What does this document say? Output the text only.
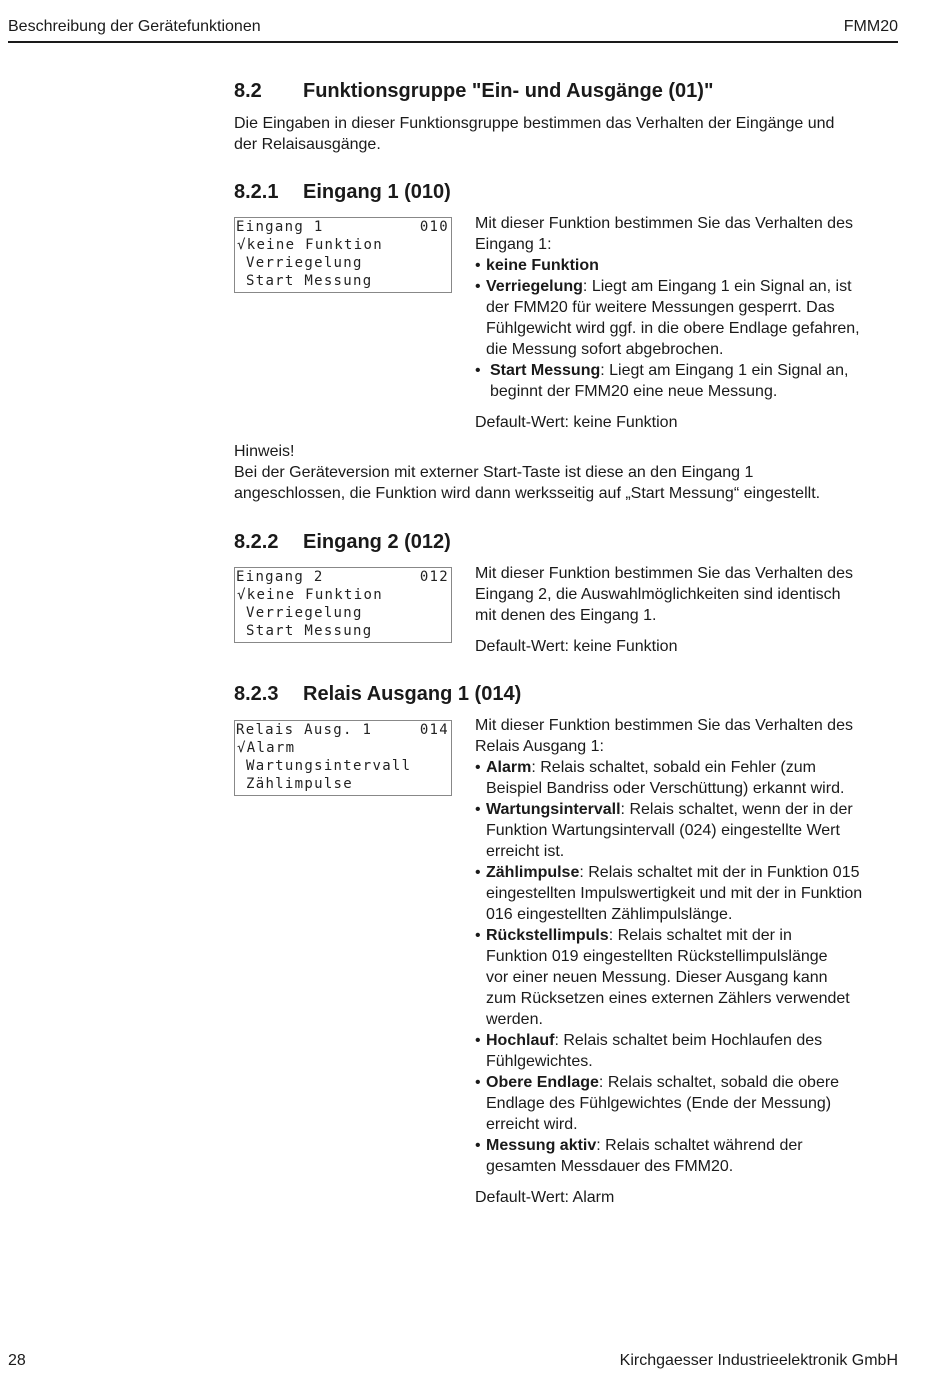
Beschreibung der Gerätefunktionen	FMM20
8.2 Funktionsgruppe "Ein- und Ausgänge (01)"
Die Eingaben in dieser Funktionsgruppe bestimmen das Verhalten der Eingänge und
der Relaisausgänge.
8.2.1 Eingang 1 (010)
Eingang 1	010
√keine Funktion
Verriegelung
Start Messung
Mit dieser Funktion bestimmen Sie das Verhalten des
Eingang 1:
• keine Funktion
• Verriegelung: Liegt am Eingang 1 ein Signal an, ist
der FMM20 für weitere Messungen gesperrt. Das
Fühlgewicht wird ggf. in die obere Endlage gefahren,
die Messung sofort abgebrochen.
• Start Messung: Liegt am Eingang 1 ein Signal an,
beginnt der FMM20 eine neue Messung.
Default-Wert: keine Funktion
Hinweis!
Bei der Geräteversion mit externer Start-Taste ist diese an den Eingang 1
angeschlossen, die Funktion wird dann werksseitig auf „Start Messung“ eingestellt.
8.2.2 Eingang 2 (012)
Eingang 2	012
√keine Funktion
Verriegelung
Start Messung
Mit dieser Funktion bestimmen Sie das Verhalten des
Eingang 2, die Auswahlmöglichkeiten sind identisch
mit denen des Eingang 1.
Default-Wert: keine Funktion
8.2.3 Relais Ausgang 1 (014)
Relais Ausg. 1	014
√Alarm
Wartungsintervall
Zählimpulse
Mit dieser Funktion bestimmen Sie das Verhalten des
Relais Ausgang 1:
• Alarm: Relais schaltet, sobald ein Fehler (zum
Beispiel Bandriss oder Verschüttung) erkannt wird.
• Wartungsintervall: Relais schaltet, wenn der in der
Funktion Wartungsintervall (024) eingestellte Wert
erreicht ist.
• Zählimpulse: Relais schaltet mit der in Funktion 015
eingestellten Impulswertigkeit und mit der in Funktion
016 eingestellten Zählimpulslänge.
• Rückstellimpuls: Relais schaltet mit der in
Funktion 019 eingestellten Rückstellimpulslänge
vor einer neuen Messung. Dieser Ausgang kann
zum Rücksetzen eines externen Zählers verwendet
werden.
• Hochlauf: Relais schaltet beim Hochlaufen des
Fühlgewichtes.
• Obere Endlage: Relais schaltet, sobald die obere
Endlage des Fühlgewichtes (Ende der Messung)
erreicht wird.
• Messung aktiv: Relais schaltet während der
gesamten Messdauer des FMM20.
Default-Wert: Alarm
28	Kirchgaesser Industrieelektronik GmbH
